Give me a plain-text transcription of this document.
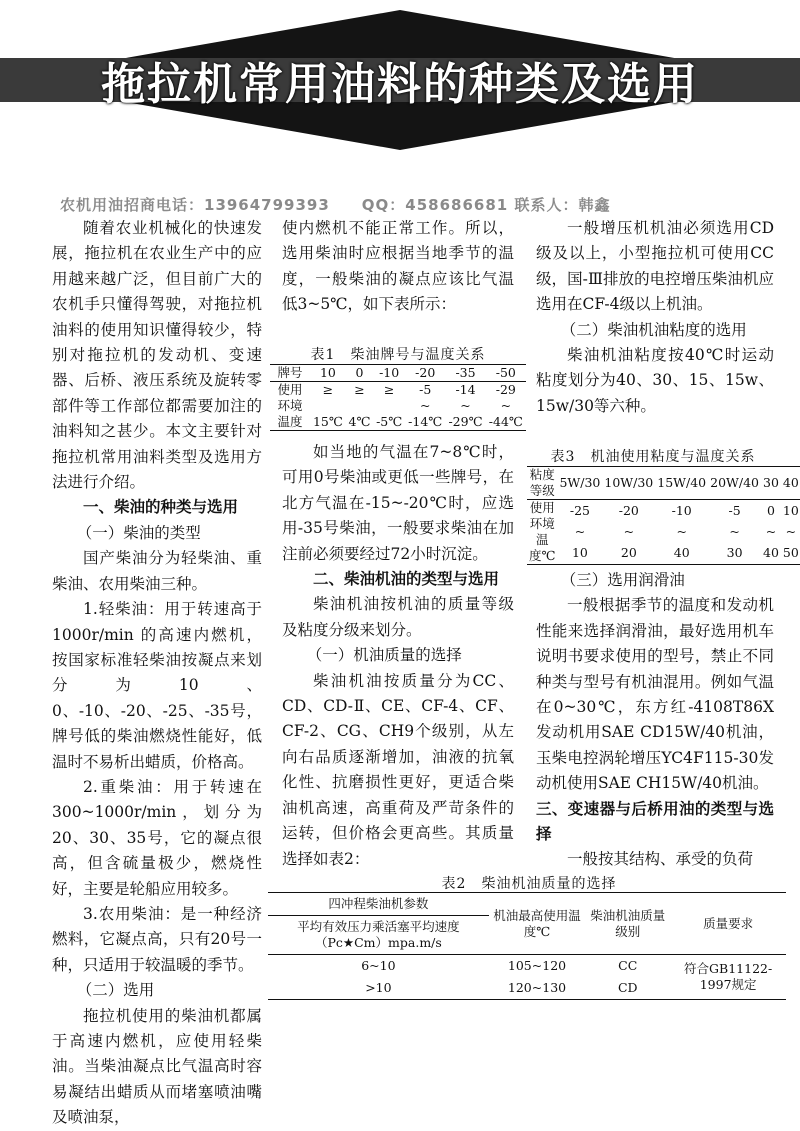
拖拉机常用油料的种类及选用
农机用油招商电话：13964799393　　QQ：458686681 联系人：韩鑫

随着农业机械化的快速发展，拖拉机在农业生产中的应用越来越广泛，但目前广大的农机手只懂得驾驶，对拖拉机油料的使用知识懂得较少，特别对拖拉机的发动机、变速器、后桥、液压系统及旋转零部件等工作部位都需要加注的油料知之甚少。本文主要针对拖拉机常用油料类型及选用方法进行介绍。

一、柴油的种类与选用

（一）柴油的类型

国产柴油分为轻柴油、重柴油、农用柴油三种。

1.轻柴油：用于转速高于1000r/min 的高速内燃机，按国家标准轻柴油按凝点来划分为10、0、-10、-20、-25、-35号，牌号低的柴油燃烧性能好，低温时不易析出蜡质，价格高。

2.重柴油：用于转速在300~1000r/min，划分为20、30、35号，它的凝点很高，但含硫量极少，燃烧性好，主要是轮船应用较多。

3.农用柴油：是一种经济燃料，它凝点高，只有20号一种，只适用于较温暖的季节。

（二）选用

拖拉机使用的柴油机都属于高速内燃机，应使用轻柴油。当柴油凝点比气温高时容易凝结出蜡质从而堵塞喷油嘴及喷油泵，

使内燃机不能正常工作。所以，选用柴油时应根据当地季节的温度，一般柴油的凝点应该比气温低3~5℃，如下表所示：

表1　柴油牌号与温度关系
牌号	10	0	-10	-20	-35	-50
使用环境温度	≥	≥	≥	-5	-14	-29
				~	~	~
	15℃	4℃	-5℃	-14℃	-29℃	-44℃

如当地的气温在7~8℃时，可用0号柴油或更低一些牌号，在北方气温在-15~-20℃时，应选用-35号柴油，一般要求柴油在加注前必须要经过72小时沉淀。

二、柴油机油的类型与选用

柴油机油按机油的质量等级及粘度分级来划分。

（一）机油质量的选择

柴油机油按质量分为CC、CD、CD-Ⅱ、CE、CF-4、CF、CF-2、CG、CH9个级别，从左向右品质逐渐增加，油液的抗氧化性、抗磨损性更好，更适合柴油机高速，高重荷及严苛条件的运转，但价格会更高些。其质量选择如表2：

一般增压机机油必须选用CD级及以上，小型拖拉机可使用CC级，国-Ⅲ排放的电控增压柴油机应选用在CF-4级以上机油。

（二）柴油机油粘度的选用

柴油机油粘度按40℃时运动粘度划分为40、30、15、15w、15w/30等六种。

表3　机油使用粘度与温度关系
粘度等级	5W/30	10W/30	15W/40	20W/40	30	40
使用环境温度℃	-25	-20	-10	-5	0	10
	~	~	~	~	~	~
	10	20	40	30	40	50

（三）选用润滑油

一般根据季节的温度和发动机性能来选择润滑油，最好选用机车说明书要求使用的型号，禁止不同种类与型号有机油混用。例如气温在0~30℃，东方红-4108T86X发动机用SAE CD15W/40机油，玉柴电控涡轮增压YC4F115-30发动机使用SAE CH15W/40机油。

三、变速器与后桥用油的类型与选择

一般按其结构、承受的负荷

表2　柴油机油质量的选择
四冲程柴油机参数	机油最高使用温度℃	柴油机油质量级别	质量要求
平均有效压力乘活塞平均速度（Pc★Cm）mpa.m/s			
6~10	105~120	CC	符合GB11122-1997规定
>10	120~130	CD	
